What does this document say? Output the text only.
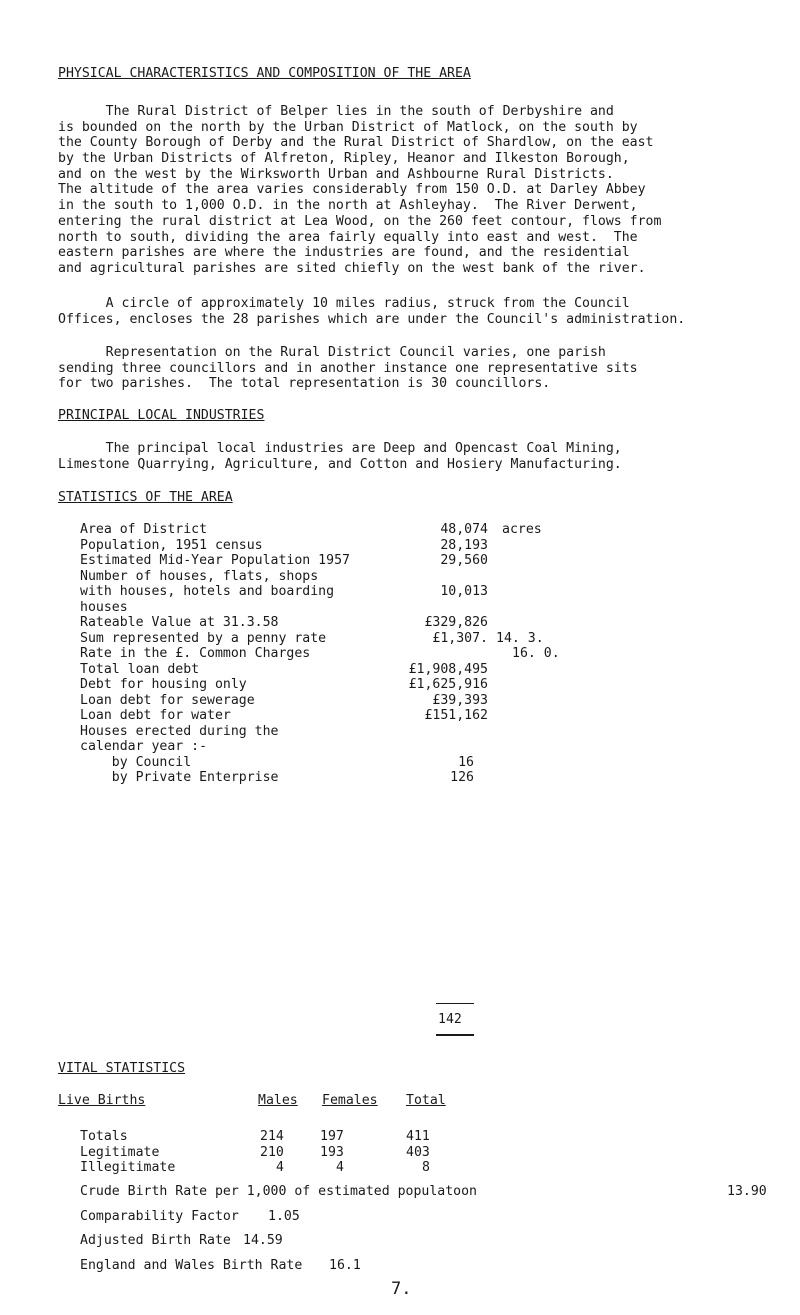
PHYSICAL CHARACTERISTICS AND COMPOSITION OF THE AREA
The Rural District of Belper lies in the south of Derbyshire and
is bounded on the north by the Urban District of Matlock, on the south by
the County Borough of Derby and the Rural District of Shardlow, on the east
by the Urban Districts of Alfreton, Ripley, Heanor and Ilkeston Borough,
and on the west by the Wirksworth Urban and Ashbourne Rural Districts.
The altitude of the area varies considerably from 150 O.D. at Darley Abbey
in the south to 1,000 O.D. in the north at Ashleyhay.  The River Derwent,
entering the rural district at Lea Wood, on the 260 feet contour, flows from
north to south, dividing the area fairly equally into east and west.  The
eastern parishes are where the industries are found, and the residential
and agricultural parishes are sited chiefly on the west bank of the river.
A circle of approximately 10 miles radius, struck from the Council
Offices, encloses the 28 parishes which are under the Council's administration.
Representation on the Rural District Council varies, one parish
sending three councillors and in another instance one representative sits
for two parishes.  The total representation is 30 councillors.
PRINCIPAL LOCAL INDUSTRIES
The principal local industries are Deep and Opencast Coal Mining,
Limestone Quarrying, Agriculture, and Cotton and Hosiery Manufacturing.
STATISTICS OF THE AREA
Area of District	48,074 acres
Population, 1951 census	28,193
Estimated Mid-Year Population 1957	29,560
Number of houses, flats, shops
with houses, hotels and boarding
houses
10,013
Rateable Value at 31.3.58	£329,826
Sum represented by a penny rate	£1,307. 14. 3.
Rate in the £. Common Charges	16. 0.
Total loan debt	£1,908,495
Debt for housing only	£1,625,916
Loan debt for sewerage	£39,393
Loan debt for water	£151,162
Houses erected during the
calendar year :-
by Council	16
by Private Enterprise	126
142
VITAL STATISTICS
Live Births	Males Females Total
Totals	214	197	411
Legitimate	210	193	403
Illegitimate	4	4	8
Crude Birth Rate per 1,000 of estimated populatoon	13.90
Comparability Factor 1.05
Adjusted Birth Rate 14.59
England and Wales Birth Rate 16.1
7.
